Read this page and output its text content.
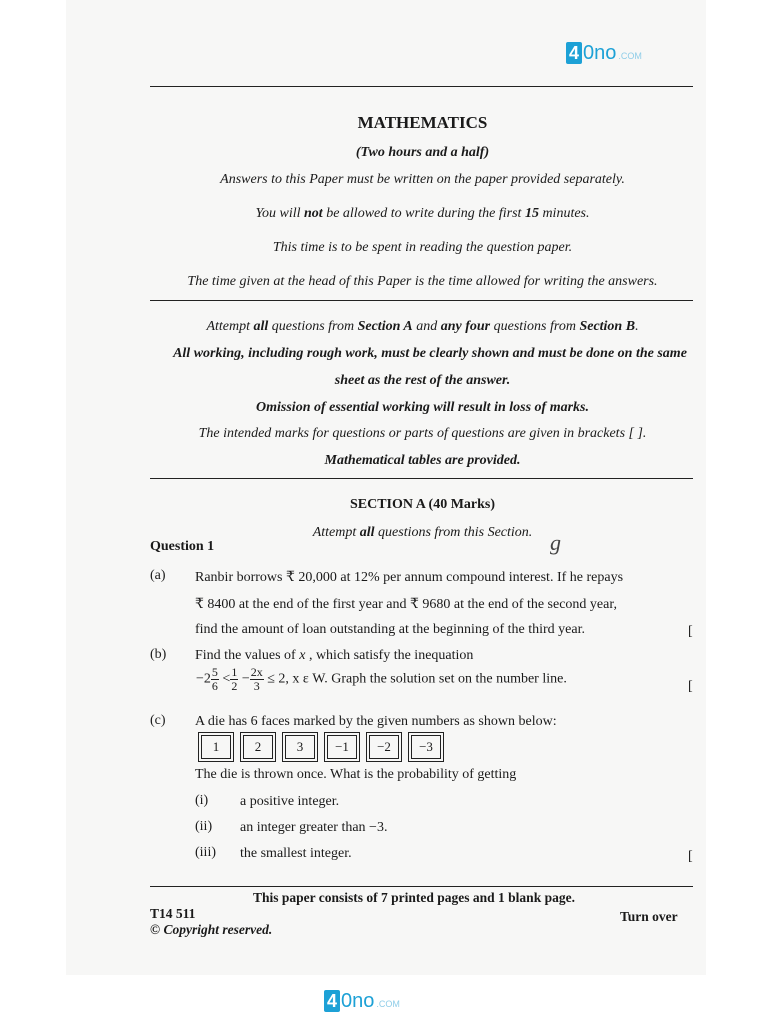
4 0no .COM
MATHEMATICS
(Two hours and a half)
Answers to this Paper must be written on the paper provided separately.
You will not be allowed to write during the first 15 minutes.
This time is to be spent in reading the question paper.
The time given at the head of this Paper is the time allowed for writing the answers.
Attempt all questions from Section A and any four questions from Section B.
All working, including rough work, must be clearly shown and must be done on the same
sheet as the rest of the answer.
Omission of essential working will result in loss of marks.
The intended marks for questions or parts of questions are given in brackets [ ].
Mathematical tables are provided.
SECTION A (40 Marks)
Attempt all questions from this Section. g
Question 1
(a) Ranbir borrows ₹ 20,000 at 12% per annum compound interest. If he repays
₹ 8400 at the end of the first year and ₹ 9680 at the end of the second year,
find the amount of loan outstanding at the beginning of the third year.	[
(b) Find the values of x , which satisfy the inequation
$-2 \frac{5}{6} < \frac{1}{2} - \frac{2x}{3} \le 2$, x ε W. Graph the solution set on the number line.	[
(c) A die has 6 faces marked by the given numbers as shown below:
1	2	3	−1	−2	−3
The die is thrown once. What is the probability of getting
(i) a positive integer.
(ii) an integer greater than −3.
(iii) the smallest integer.	[
This paper consists of 7 printed pages and 1 blank page.
T14 511
© Copyright reserved.
Turn over
4 0no .COM
